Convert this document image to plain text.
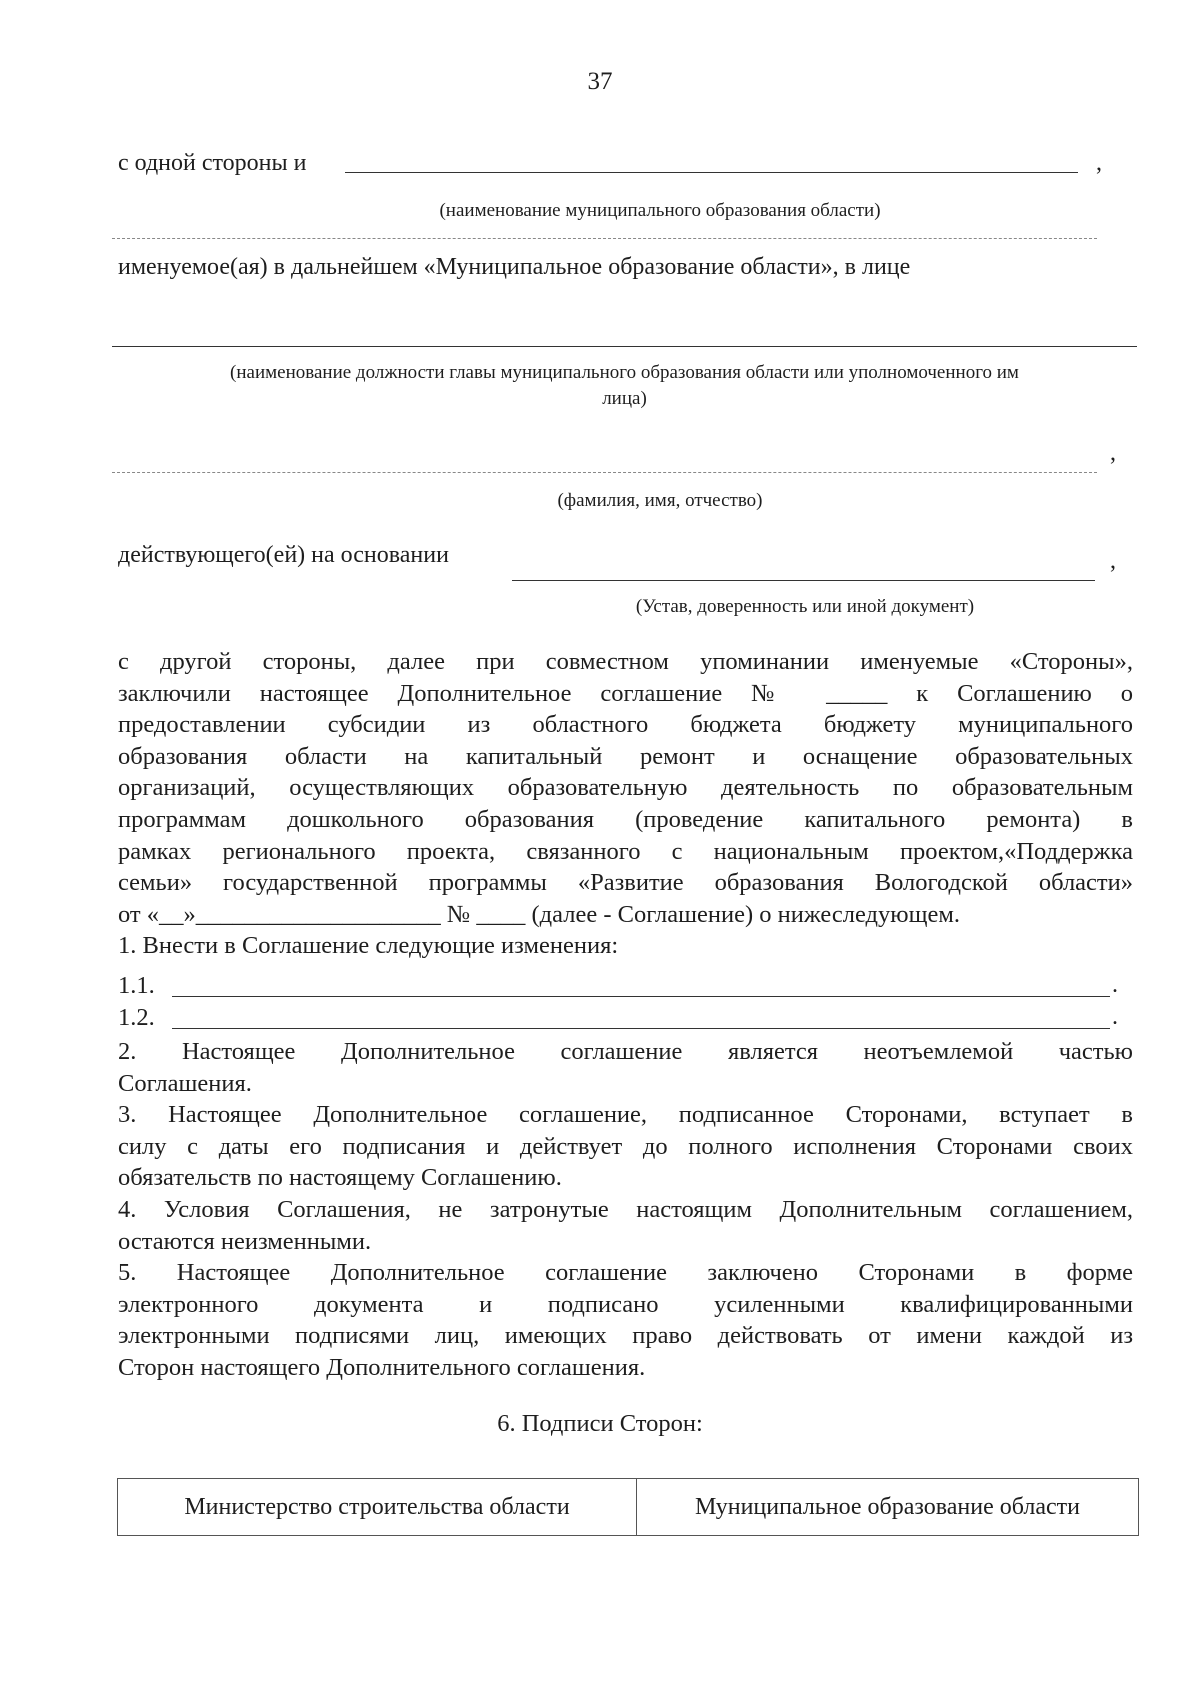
37
с одной стороны и	,
(наименование муниципального образования области)
именуемое(ая) в дальнейшем «Муниципальное образование области», в лице
(наименование должности главы муниципального образования области или уполномоченного им
лица)
,
(фамилия, имя, отчество)
действующего(ей) на основании	,
(Устав, доверенность или иной документ)
с другой стороны, далее при совместном упоминании именуемые «Стороны»,
заключили настоящее Дополнительное соглашение № _____ к Соглашению о
предоставлении субсидии из областного бюджета бюджету муниципального
образования области на капитальный ремонт и оснащение образовательных
организаций, осуществляющих образовательную деятельность по образовательным
программам дошкольного образования (проведение капитального ремонта) в
рамках регионального проекта, связанного с национальным проектом,«Поддержка
семьи» государственной программы «Развитие образования Вологодской области»
от «__»____________________ № ____ (далее - Соглашение) о нижеследующем.
1. Внести в Соглашение следующие изменения:
1.1.	.
1.2.	.
2. Настоящее Дополнительное соглашение является неотъемлемой частью
Соглашения.
3. Настоящее Дополнительное соглашение, подписанное Сторонами, вступает в
силу с даты его подписания и действует до полного исполнения Сторонами своих
обязательств по настоящему Соглашению.
4. Условия Соглашения, не затронутые настоящим Дополнительным соглашением,
остаются неизменными.
5. Настоящее Дополнительное соглашение заключено Сторонами в форме
электронного документа и подписано усиленными квалифицированными
электронными подписями лиц, имеющих право действовать от имени каждой из
Сторон настоящего Дополнительного соглашения.
6. Подписи Сторон:
Министерство строительства области	Муниципальное образование области
